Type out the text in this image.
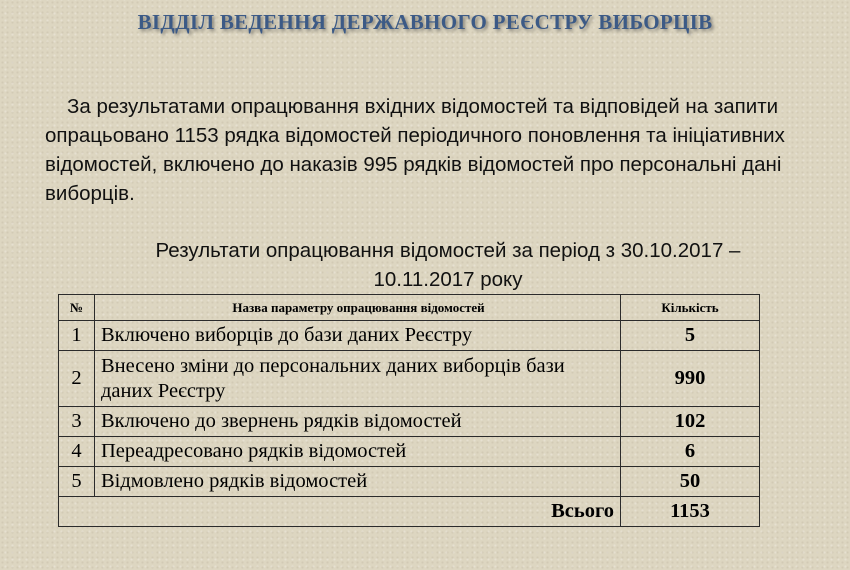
ВІДДІЛ ВЕДЕННЯ ДЕРЖАВНОГО РЕЄСТРУ ВИБОРЦІВ

За результатами опрацювання вхідних відомостей та відповідей на запити опрацьовано 1153 рядка відомостей періодичного поновлення та ініціативних відомостей, включено до наказів 995 рядків відомостей про персональні дані виборців.

Результати опрацювання відомостей за період з 30.10.2017 –
10.11.2017 року
№	Назва параметру опрацювання відомостей	Кількість
1	Включено виборців до бази даних Реєстру	5
2	Внесено зміни до персональних даних виборців бази даних Реєстру	990
3	Включено до звернень рядків відомостей	102
4	Переадресовано рядків відомостей	6
5	Відмовлено рядків відомостей	50
Всього		1153
